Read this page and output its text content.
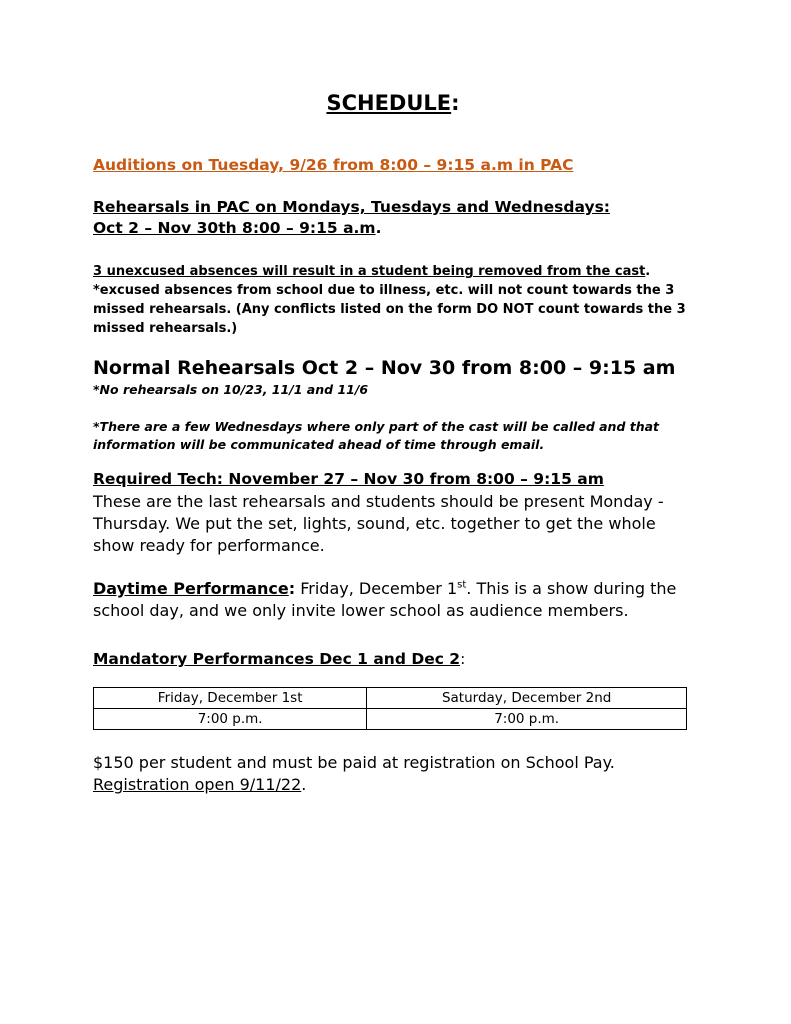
SCHEDULE:
Auditions on Tuesday, 9/26 from 8:00 – 9:15 a.m in PAC
Rehearsals in PAC on Mondays, Tuesdays and Wednesdays:
Oct 2 – Nov 30th 8:00 – 9:15 a.m.
3 unexcused absences will result in a student being removed from the cast.
*excused absences from school due to illness, etc. will not count towards the 3 missed rehearsals. (Any conflicts listed on the form DO NOT count towards the 3 missed rehearsals.)
Normal Rehearsals Oct 2 – Nov 30 from 8:00 – 9:15 am
*No rehearsals on 10/23, 11/1 and 11/6
*There are a few Wednesdays where only part of the cast will be called and that information will be communicated ahead of time through email.
Required Tech: November 27 – Nov 30 from 8:00 – 9:15 am
These are the last rehearsals and students should be present Monday - Thursday. We put the set, lights, sound, etc. together to get the whole show ready for performance.
Daytime Performance: Friday, December 1st. This is a show during the school day, and we only invite lower school as audience members.
Mandatory Performances Dec 1 and Dec 2:
Friday, December 1st	Saturday, December 2nd
7:00 p.m.	7:00 p.m.
$150 per student and must be paid at registration on School Pay.
Registration open 9/11/22.
